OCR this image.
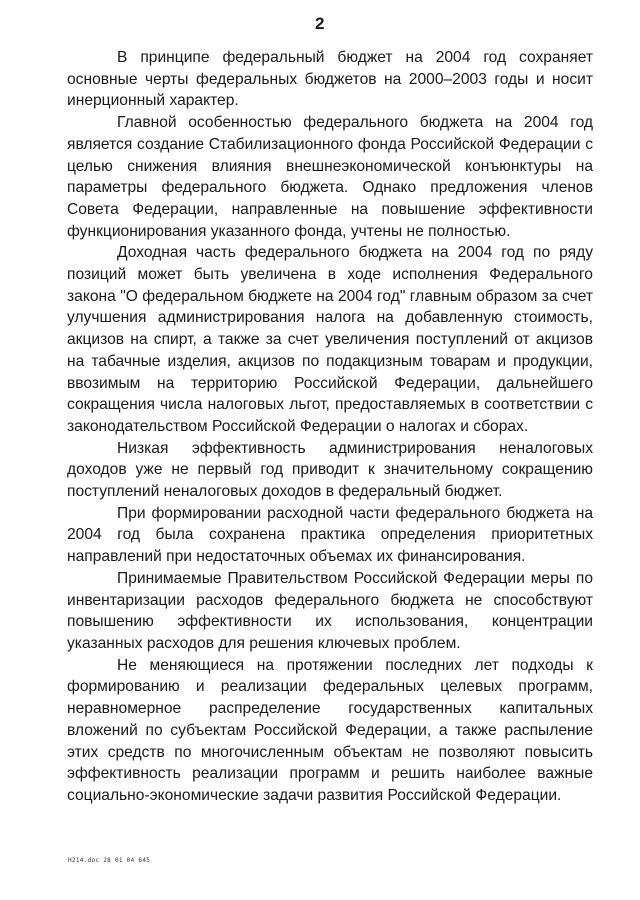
2

В принципе федеральный бюджет на 2004 год сохраняет основные черты федеральных бюджетов на 2000–2003 годы и носит инерционный характер.

Главной особенностью федерального бюджета на 2004 год является создание Стабилизационного фонда Российской Федерации с целью снижения влияния внешнеэкономической конъюнктуры на параметры федерального бюджета. Однако предложения членов Совета Федерации, направленные на повышение эффективности функционирования указанного фонда, учтены не полностью.

Доходная часть федерального бюджета на 2004 год по ряду позиций может быть увеличена в ходе исполнения Федерального закона "О федеральном бюджете на 2004 год" главным образом за счет улучшения администрирования налога на добавленную стоимость, акцизов на спирт, а также за счет увеличения поступлений от акцизов на табачные изделия, акцизов по подакцизным товарам и продукции, ввозимым на территорию Российской Федерации, дальнейшего сокращения числа налоговых льгот, предоставляемых в соответствии с законодательством Российской Федерации о налогах и сборах.

Низкая эффективность администрирования неналоговых доходов уже не первый год приводит к значительному сокращению поступлений неналоговых доходов в федеральный бюджет.

При формировании расходной части федерального бюджета на 2004 год была сохранена практика определения приоритетных направлений при недостаточных объемах их финансирования.

Принимаемые Правительством Российской Федерации меры по инвентаризации расходов федерального бюджета не способствуют повышению эффективности их использования, концентрации указанных расходов для решения ключевых проблем.

Не меняющиеся на протяжении последних лет подходы к формированию и реализации федеральных целевых программ, неравномерное распределение государственных капитальных вложений по субъектам Российской Федерации, а также распыление этих средств по многочисленным объектам не позволяют повысить эффективность реализации программ и решить наиболее важные социально-экономические задачи развития Российской Федерации.

Н214.doc 28 01 04 645
